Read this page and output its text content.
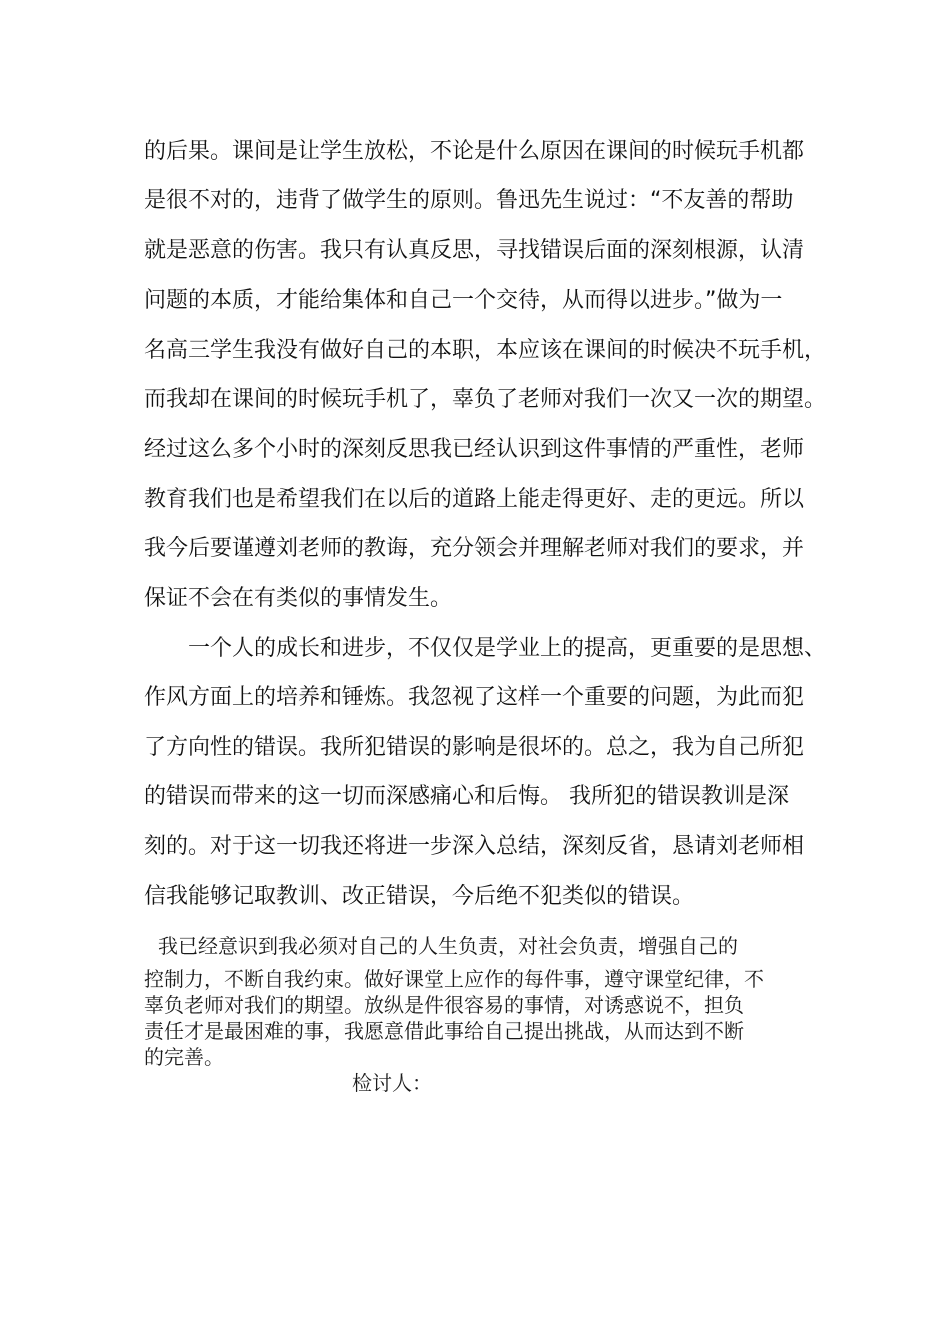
的后果。课间是让学生放松，不论是什么原因在课间的时候玩手机都
是很不对的，违背了做学生的原则。鲁迅先生说过：“不友善的帮助
就是恶意的伤害。我只有认真反思，寻找错误后面的深刻根源，认清
问题的本质，才能给集体和自己一个交待，从而得以进步。”做为一
名高三学生我没有做好自己的本职，本应该在课间的时候决不玩手机，
而我却在课间的时候玩手机了，辜负了老师对我们一次又一次的期望。
经过这么多个小时的深刻反思我已经认识到这件事情的严重性，老师
教育我们也是希望我们在以后的道路上能走得更好、走的更远。所以
我今后要谨遵刘老师的教诲，充分领会并理解老师对我们的要求，并
保证不会在有类似的事情发生。
一个人的成长和进步，不仅仅是学业上的提高，更重要的是思想、
作风方面上的培养和锤炼。我忽视了这样一个重要的问题，为此而犯
了方向性的错误。我所犯错误的影响是很坏的。总之，我为自己所犯
的错误而带来的这一切而深感痛心和后悔。 我所犯的错误教训是深
刻的。对于这一切我还将进一步深入总结，深刻反省，恳请刘老师相
信我能够记取教训、改正错误，今后绝不犯类似的错误。
我已经意识到我必须对自己的人生负责，对社会负责，增强自己的
控制力，不断自我约束。做好课堂上应作的每件事，遵守课堂纪律，不
辜负老师对我们的期望。放纵是件很容易的事情，对诱惑说不，担负
责任才是最困难的事，我愿意借此事给自己提出挑战，从而达到不断
的完善。
检讨人：
